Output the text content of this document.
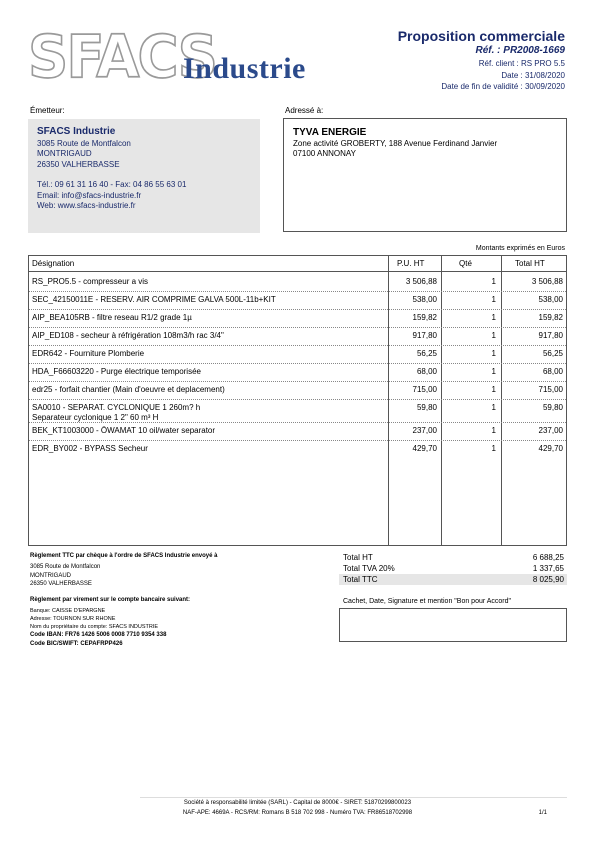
SFACS
Industrie
Proposition commerciale
Réf. : PR2008-1669
Réf. client : RS PRO 5.5
Date : 31/08/2020
Date de fin de validité : 30/09/2020
Émetteur:
SFACS Industrie
3085 Route de Montfalcon
MONTRIGAUD
26350 VALHERBASSE
Tél.: 09 61 31 16 40 - Fax: 04 86 55 63 01
Email: info@sfacs-industrie.fr
Web: www.sfacs-industrie.fr
Adressé à:
TYVA ENERGIE
Zone activité GROBERTY, 188 Avenue Ferdinand Janvier
07100 ANNONAY
Montants exprimés en Euros
Désignation	P.U. HT	Qté	Total HT
RS_PRO5.5 - compresseur a vis	3 506,88	1	3 506,88
SEC_42150011E - RESERV. AIR COMPRIME GALVA 500L-11b+KIT	538,00	1	538,00
AIP_BEA105RB - filtre reseau R1/2 grade 1µ	159,82	1	159,82
AIP_ED108 - secheur à réfrigération 108m3/h rac 3/4"	917,80	1	917,80
EDR642 - Fourniture Plomberie	56,25	1	56,25
HDA_F66603220 - Purge électrique temporisée	68,00	1	68,00
edr25 - forfait chantier (Main d'oeuvre et deplacement)	715,00	1	715,00
SA0010 - SEPARAT. CYCLONIQUE 1 260m? h
Separateur cyclonique 1 2" 60 m³ H
59,80	1	59,80
BEK_KT1003000 - ÖWAMAT 10 oil/water separator	237,00	1	237,00
EDR_BY002 - BYPASS Secheur	429,70	1	429,70
Règlement TTC par chèque à l'ordre de SFACS Industrie envoyé à
3085 Route de Montfalcon
MONTRIGAUD
26350 VALHERBASSE
Règlement par virement sur le compte bancaire suivant:
Banque: CAISSE D'EPARGNE
Adresse: TOURNON SUR RHONE
Nom du propriétaire du compte: SFACS INDUSTRIE
Code IBAN: FR76 1426 5006 0008 7710 9354 338
Code BIC/SWIFT: CEPAFRPP426
Total HT	6 688,25
Total TVA 20%	1 337,65
Total TTC	8 025,90
Cachet, Date, Signature et mention "Bon pour Accord"
Société à responsabilité limitée (SARL) - Capital de 8000€ - SIRET: 51870299800023
NAF-APE: 4669A - RCS/RM: Romans B 518 702 998 - Numéro TVA: FR86518702998	1/1
